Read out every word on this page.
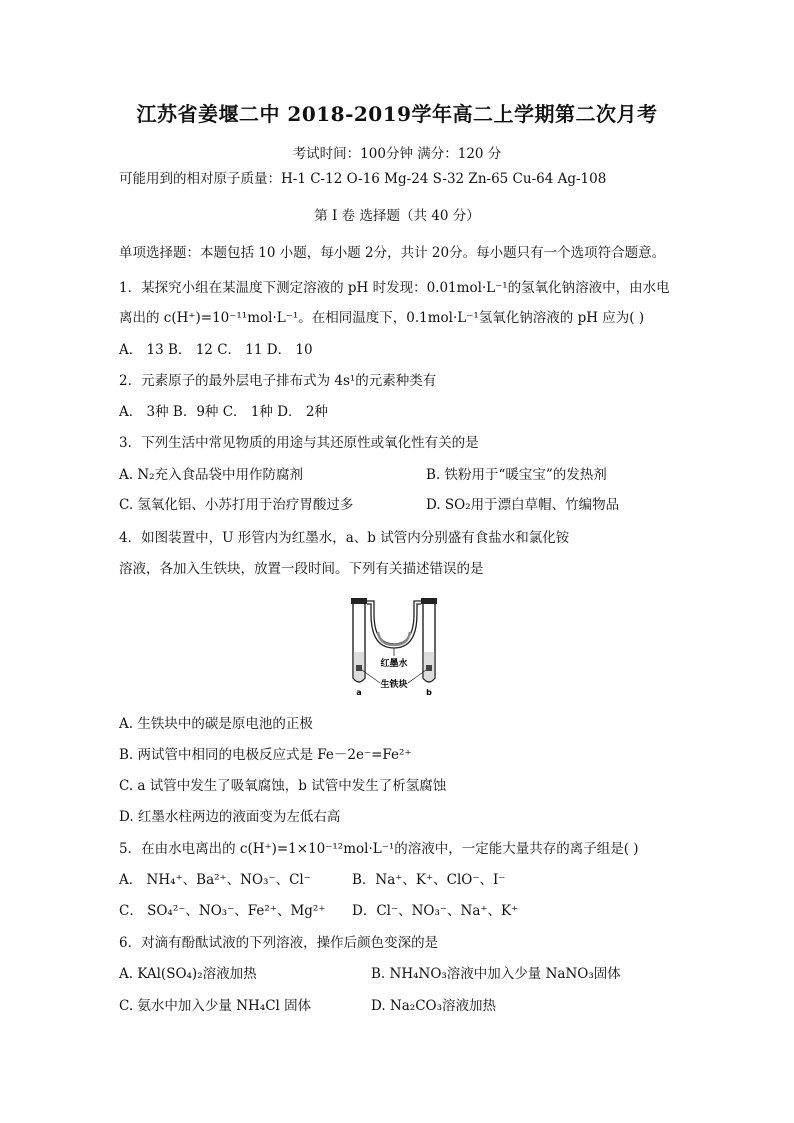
江苏省姜堰二中 2018-2019学年高二上学期第二次月考
考试时间：100分钟 满分：120 分
可能用到的相对原子质量：H-1 C-12 O-16 Mg-24 S-32 Zn-65 Cu-64 Ag-108
第 I 卷 选择题（共 40 分）
单项选择题：本题包括 10 小题，每小题 2分，共计 20分。每小题只有一个选项符合题意。
1．某探究小组在某温度下测定溶液的 pH 时发现：0.01mol·L⁻¹的氢氧化钠溶液中，由水电
离出的 c(H⁺)=10⁻¹¹mol·L⁻¹。在相同温度下，0.1mol·L⁻¹氢氧化钠溶液的 pH 应为( )
A． 13 B． 12 C． 11 D． 10
2．元素原子的最外层电子排布式为 4s¹的元素种类有
A． 3种 B．9种 C． 1种 D． 2种
3．下列生活中常见物质的用途与其还原性或氧化性有关的是
A. N₂充入食品袋中用作防腐剂	B. 铁粉用于“暖宝宝”的发热剂
C. 氢氧化铝、小苏打用于治疗胃酸过多	D. SO₂用于漂白草帽、竹编物品
4．如图装置中，U 形管内为红墨水，a、b 试管内分别盛有食盐水和氯化铵
溶液，各加入生铁块，放置一段时间。下列有关描述错误的是
红墨水
生铁块
a	b
A. 生铁块中的碳是原电池的正极
B. 两试管中相同的电极反应式是 Fe－2e⁻=Fe²⁺
C. a 试管中发生了吸氧腐蚀，b 试管中发生了析氢腐蚀
D. 红墨水柱两边的液面变为左低右高
5．在由水电离出的 c(H⁺)=1×10⁻¹²mol·L⁻¹的溶液中，一定能大量共存的离子组是( )
A． NH₄⁺、Ba²⁺、NO₃⁻、Cl⁻	B．Na⁺、K⁺、ClO⁻、I⁻
C． SO₄²⁻、NO₃⁻、Fe²⁺、Mg²⁺ D．Cl⁻、NO₃⁻、Na⁺、K⁺
6．对滴有酚酞试液的下列溶液，操作后颜色变深的是
A. KAl(SO₄)₂溶液加热	B. NH₄NO₃溶液中加入少量 NaNO₃固体
C. 氨水中加入少量 NH₄Cl 固体	D. Na₂CO₃溶液加热
